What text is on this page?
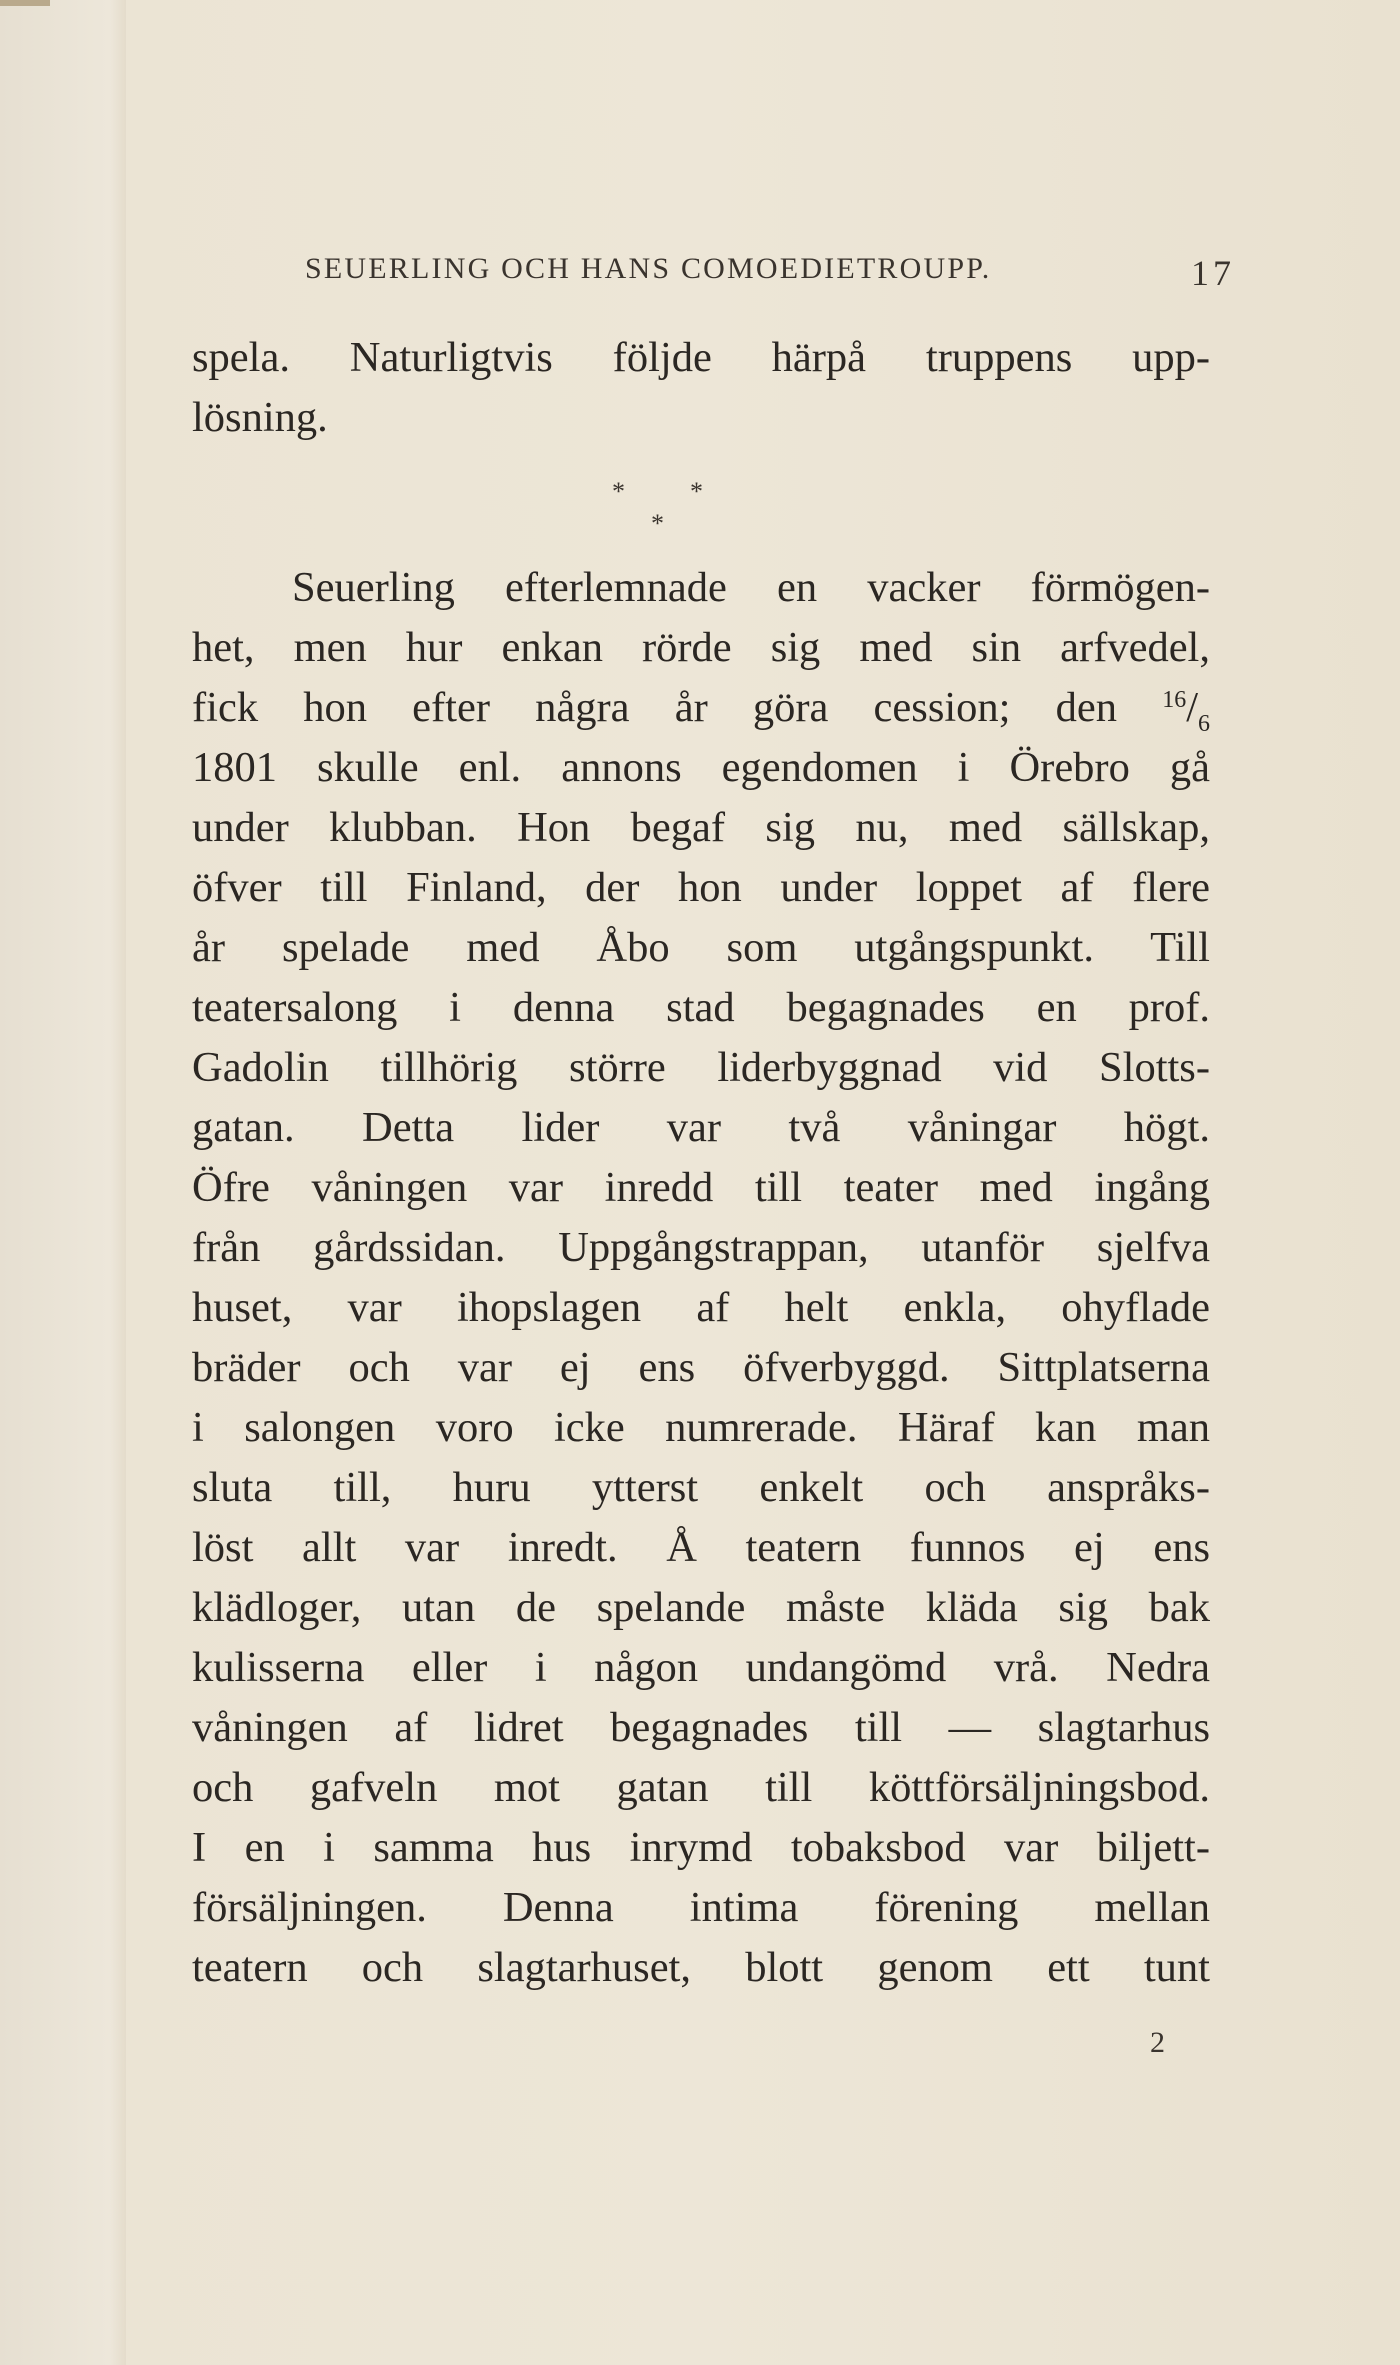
SEUERLING OCH HANS COMOEDIETROUPP.	17
spela. Naturligtvis följde härpå truppens upp-
lösning.
*	*
*
Seuerling efterlemnade en vacker förmögen-
het, men hur enkan rörde sig med sin arfvedel,
fick hon efter några år göra cession; den $^{16}/_6$
1801 skulle enl. annons egendomen i Örebro gå
under klubban. Hon begaf sig nu, med sällskap,
öfver till Finland, der hon under loppet af flere
år spelade med Åbo som utgångspunkt. Till
teatersalong i denna stad begagnades en prof.
Gadolin tillhörig större liderbyggnad vid Slotts-
gatan. Detta lider var två våningar högt.
Öfre våningen var inredd till teater med ingång
från gårdssidan. Uppgångstrappan, utanför sjelfva
huset, var ihopslagen af helt enkla, ohyflade
bräder och var ej ens öfverbyggd. Sittplatserna
i salongen voro icke numrerade. Häraf kan man
sluta till, huru ytterst enkelt och anspråks-
löst allt var inredt. Å teatern funnos ej ens
klädloger, utan de spelande måste kläda sig bak
kulisserna eller i någon undangömd vrå. Nedra
våningen af lidret begagnades till — slagtarhus
och gafveln mot gatan till köttförsäljningsbod.
I en i samma hus inrymd tobaksbod var biljett-
försäljningen. Denna intima förening mellan
teatern och slagtarhuset, blott genom ett tunt
2
